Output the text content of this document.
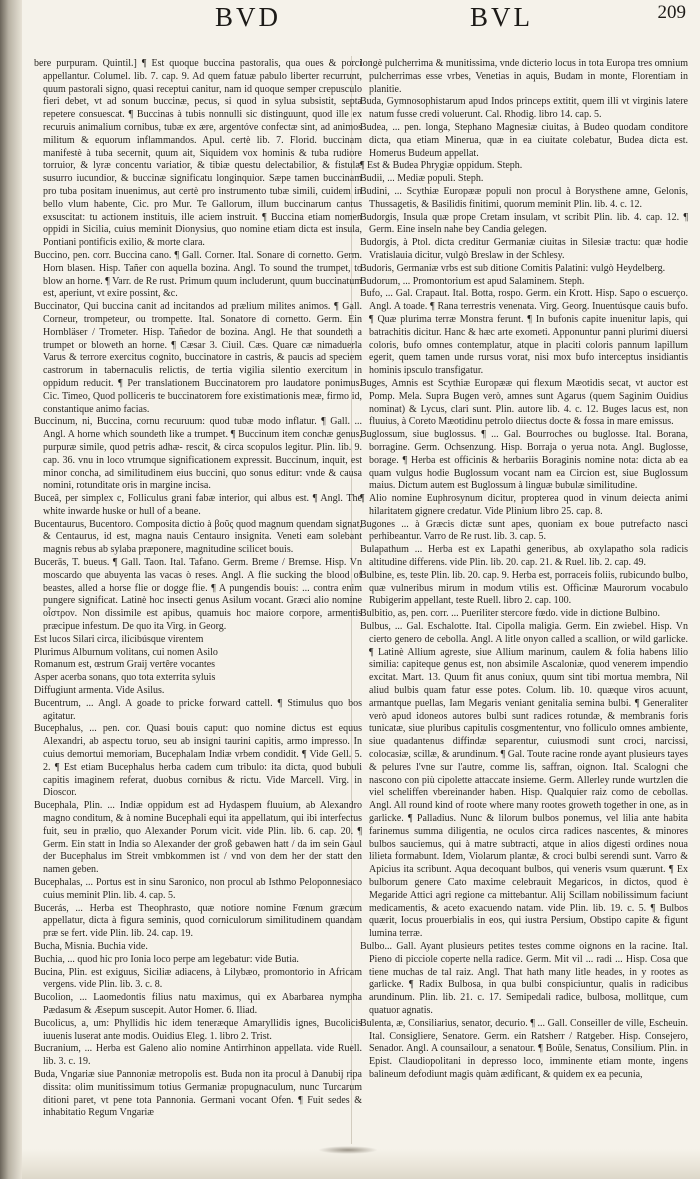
BVD	BVL	209

bere purpuram. Quintil.] ¶ Est quoque buccina pastoralis, qua oues & porci appellantur. Columel. lib. 7. cap. 9. Ad quem fatuæ pabulo liberter recurrunt, quum pastorali signo, quasi receptui canitur, nam id quoque semper crepusculo fieri debet, vt ad sonum buccinæ, pecus, si quod in sylua subsistit, septa repetere consuescat. ¶ Buccinas à tubis nonnulli sic distinguunt, quod ille ex recuruis animalium cornibus, tubæ ex ære, argentóve confectæ sint, ad animos militum & equorum inflammandos. Apul. certè lib. 7. Florid. buccinam manifestè à tuba secernit, quum ait, Siquidem vox hominis & tuba rudiore torruior, & lyræ concentu variatior, & tibiæ questu delectabilior, & fistulæ susurro iucundior, & buccinæ significatu longinquior. Sæpe tamen buccinam pro tuba positam inuenimus, aut certè pro instrumento tubæ simili, cuidem in bello vlum habente, Cic. pro Mur. Te Gallorum, illum buccinarum cantus exsuscitat: tu actionem instituis, ille aciem instruit. ¶ Buccina etiam nomen oppidi in Sicilia, cuius meminit Dionysius, quo nomine etiam dicta est insula, Pontiani pontificis exilio, & morte clara.

Buccino, pen. corr. Buccina cano. ¶ Gall. Corner. Ital. Sonare di cornetto. Germ. Horn blasen. Hisp. Tañer con aquella bozina. Angl. To sound the trumpet, to blow an horne. ¶ Varr. de Re rust. Primum quum includerunt, quum buccinatum est, aperiunt, vt exire possint, &c.

Buccinator, Qui buccina canit ad incitandos ad prælium milites animos. ¶ Gall. Corneur, trompeteur, ou trompette. Ital. Sonatore di cornetto. Germ. Ein Hornbläser / Trometer. Hisp. Tañedor de bozina. Angl. He that soundeth a trumpet or bloweth an horne. ¶ Cæsar 3. Ciuil. Cæs. Quare cæ nimaduerla Varus & terrore exercitus cognito, buccinatore in castris, & paucis ad speciem castrorum in tabernaculis relictis, de tertia vigilia silentio exercitum in oppidum reducit. ¶ Per translationem Buccinatorem pro laudatore ponimus. Cic. Timeo, Quod polliceris te buccinatorem fore existimationis meæ, firmo id, constantique animo facias.

Buccinum, ni, Buccina, cornu recuruum: quod tubæ modo inflatur. ¶ Gall. ... Angl. A horne which soundeth like a trumpet. ¶ Buccinum item conchæ genus, purpuræ simile, quod petris adhæ- rescit, & circa scopulos legitur. Plin. lib. 9. cap. 36. vnu in loco vtrumque significationem expressit. Buccinum, inquit, est minor concha, ad similitudinem eius buccini, quo sonus editur: vnde & causa nomini, rotunditate oris in margine incisa.

Buceâ, per simplex c, Folliculus grani fabæ interior, qui albus est. ¶ Angl. The white inwarde huske or hull of a beane.

Bucentaurus, Bucentoro. Composita dictio à βοῦς quod magnum quendam signat, & Centaurus, id est, magna nauis Centauro insignita. Veneti eam solebant magnis rebus ab sylaba præponere, magnitudine scilicet bouis.

Bucerās, T. bueus. ¶ Gall. Taon. Ital. Tafano. Germ. Breme / Bremse. Hisp. Vn moscardo que abuyenta las vacas ò reses. Angl. A flie sucking the blood of beastes, alled a horse flie or dogge flie. ¶ A pungendis bouis: ... contra enim pungere significat. Latinè hoc insecti genus Asilum vocant. Græci alio nomine οἶστρον. Non dissimile est apibus, quamuis hoc maiore corpore, armentis præcipue infestum. De quo ita Virg. in Georg.

Est lucos Silari circa, ilicibúsque virentem

Plurimus Alburnum volitans, cui nomen Asilo

Romanum est, œstrum Graij vertêre vocantes

Asper acerba sonans, quo tota exterrita syluis

Diffugiunt armenta. Vide Asilus.

Bucentrum, ... Angl. A goade to pricke forward cattell. ¶ Stimulus quo bos agitatur.

Bucephalus, ... pen. cor. Quasi bouis caput: quo nomine dictus est equus Alexandri, ab aspectu toruo, seu ab insigni taurini capitis, armo impresso. In cuius demortui memoriam, Bucephalam Indiæ vrbem condidit. ¶ Vide Gell. 5. 2. ¶ Est etiam Bucephalus herba cadem cum tribulo: ita dicta, quod bubuli capitis imaginem referat, duobus cornibus & rictu. Vide Marcell. Virg. in Dioscor.

Bucephala, Plin. ... Indiæ oppidum est ad Hydaspem fluuium, ab Alexandro magno conditum, & à nomine Bucephali equi ita appellatum, qui ibi interfectus fuit, seu in prælio, quo Alexander Porum vicit. vide Plin. lib. 6. cap. 20. ¶ Germ. Ein statt in India so Alexander der groß gebawen hatt / da im sein Gaul der Bucephalus im Streit vmbkommen ist / vnd von dem her der statt den namen geben.

Bucephalas, ... Portus est in sinu Saronico, non procul ab Isthmo Peloponnesiaco cuius meminit Plin. lib. 4. cap. 5.

Bucerás, ... Herba est Theophrasto, quæ notiore nomine Fœnum græcum appellatur, dicta à figura seminis, quod corniculorum similitudinem quandam præ se fert. vide Plin. lib. 24. cap. 19.

Bucha, Misnia. Buchia vide.

Buchia, ... quod hic pro Ionia loco perpe am legebatur: vide Butia.

Bucina, Plin. est exiguus, Siciliæ adiacens, à Lilybæo, promontorio in Africam vergens. vide Plin. lib. 3. c. 8.

Bucolion, ... Laomedontis filius natu maximus, qui ex Abarbarea nympha Pædasum & Æsepum suscepit. Autor Homer. 6. Iliad.

Bucolicus, a, um: Phyllidis hic idem teneræque Amaryllidis ignes, Bucolicis iuuenis luserat ante modis. Ouidius Eleg. 1. libro 2. Trist.

Bucranium, ... Herba est Galeno alio nomine Antirrhinon appellata. vide Ruell. lib. 3. c. 19.

Buda, Vngariæ siue Pannoniæ metropolis est. Buda non ita procul à Danubij ripa dissita: olim munitissimum totius Germaniæ propugnaculum, nunc Turcarum ditioni paret, vt pene tota Pannonia. Germani vocant Ofen. ¶ Fuit sedes & inhabitatio Regum Vngariæ

longè pulcherrima & munitissima, vnde dicterio locus in tota Europa tres omnium pulcherrimas esse vrbes, Venetias in aquis, Budam in monte, Florentiam in planitie.

Buda, Gymnosophistarum apud Indos princeps extitit, quem illi vt virginis latere natum fusse credi voluerunt. Cal. Rhodig. libro 14. cap. 5.

Budea, ... pen. longa, Stephano Magnesiæ ciuitas, à Budeo quodam conditore dicta, qua etiam Minerua, quæ in ea ciuitate colebatur, Budea dicta est. Homerus Budeum appellat.

¶ Est & Budea Phrygiæ oppidum. Steph.

Budii, ... Mediæ populi. Steph.

Budini, ... Scythiæ Europææ populi non procul à Borysthene amne, Gelonis, Thussagetis, & Basilidis finitimi, quorum meminit Plin. lib. 4. c. 12.

Budorgis, Insula quæ prope Cretam insulam, vt scribit Plin. lib. 4. cap. 12. ¶ Germ. Eine inseln nahe bey Candia gelegen.

Budorgis, à Ptol. dicta creditur Germaniæ ciuitas in Silesiæ tractu: quæ hodie Vratislauia dicitur, vulgò Breslaw in der Schlesy.

Budoris, Germaniæ vrbs est sub ditione Comitis Palatini: vulgò Heydelberg.

Budorum, ... Promontorium est apud Salaminem. Steph.

Bufo, ... Gal. Crapaut. Ital. Botta, rospo. Germ. ein Krott. Hisp. Sapo o escuerço. Angl. A toade. ¶ Rana terrestris venenata. Virg. Georg. Inuentúsque cauis bufo. ¶ Quæ plurima terræ Monstra ferunt. ¶ In bufonis capite inuenitur lapis, qui batrachitis dicitur. Hanc & hæc arte exometi. Apponuntur panni plurimi diuersi coloris, bufo omnes contemplatur, atque in placiti coloris pannum lapillum egerit, quem tamen unde rursus vorat, nisi mox bufo interceptus insidiantis hominis ipsculo transfigatur.

Buges, Amnis est Scythiæ Europææ qui flexum Mæotidis secat, vt auctor est Pomp. Mela. Supra Bugen verò, amnes sunt Agarus (quem Saginim Ouidius nominat) & Lycus, clari sunt. Plin. autore lib. 4. c. 12. Buges lacus est, non fluuius, à Coreto Mæotidinu petrolo diiectus docte & fossa in mare emissus.

Buglossum, siue buglossus. ¶ ... Gal. Bourroches ou buglosse. Ital. Borana, borragine. Germ. Ochsenzung. Hisp. Borraja o yerua nota. Angl. Buglosse, borage. ¶ Herba est officinis & herbariis Boraginis nomine nota: dicta ab ea quam vulgus hodie Buglossum vocant nam ea Circion est, siue Buglossum maius. Dictum autem est Buglossum à linguæ bubulæ similitudine.

¶ Alio nomine Euphrosynum dicitur, propterea quod in vinum deiecta animi hilaritatem gignere credatur. Vide Plinium libro 25. cap. 8.

Bugones ... à Græcis dictæ sunt apes, quoniam ex boue putrefacto nasci perhibeantur. Varro de Re rust. lib. 3. cap. 5.

Bulapathum ... Herba est ex Lapathi generibus, ab oxylapatho sola radicis altitudine differens. vide Plin. lib. 20. cap. 21. & Ruel. lib. 2. cap. 49.

Bulbine, es, teste Plin. lib. 20. cap. 9. Herba est, porraceis foliis, rubicundo bulbo, quæ vulneribus mirum in modum vtilis est. Officinæ Maurorum vocabulo Rubigerim appellant, teste Ruell. libro 2. cap. 100.

Bulbitio, as, pen. corr. ... Pueriliter stercore fœdo. vide in dictione Bulbino.

Bulbus, ... Gal. Eschalotte. Ital. Cipolla maligia. Germ. Ein zwiebel. Hisp. Vn cierto genero de cebolla. Angl. A litle onyon called a scallion, or wild garlicke. ¶ Latinè Allium agreste, siue Allium marinum, caulem & folia habens lilio similia: capiteque genus est, non absimile Ascaloniæ, quod venerem impendio excitat. Mart. 13. Quum fit anus coniux, quum sint tibi mortua membra, Nil aliud bulbis quam fatur esse potes. Colum. lib. 10. quæque viros acuunt, armantque puellas, Iam Megaris veniant genitalia semina bulbi. ¶ Generaliter verò apud idoneos autores bulbi sunt radices rotundæ, & membranis foris tunicatæ, siue pluribus capitulis cosgmententur, vno folliculo omnes ambiente, siue quadantenus diffindæ separentur, cuiusmodi sunt croci, narcissi, colocasiæ, scillæ, & arundinum. ¶ Gal. Toute racine ronde ayant plusieurs tayes & pelures l'vne sur l'autre, comme lis, saffran, oignon. Ital. Scalogni che nascono con più cipolette attaccate insieme. Germ. Allerley runde wurtzlen die viel scheliffen vbereinander haben. Hisp. Qualquier raiz como de cebollas. Angl. All round kind of roote where many rootes groweth together in one, as in garlicke. ¶ Palladius. Nunc & lilorum bulbos ponemus, vel lilia ante habita farinemus summa diligentia, ne oculos circa radices nascentes, & minores bulbos sauciemus, qui à matre subtracti, atque in alios digesti ordines noua lilieta formabunt. Idem, Violarum plantæ, & croci bulbi serendi sunt. Varro & Apicius ita scribunt. Aqua decoquant bulbos, qui veneris vsum quærunt. ¶ Ex bulborum genere Cato maxime celebrauit Megaricos, in dictos, quod è Megaride Attici agri regione ca mittebantur. Alij Scillam nobilissimum faciunt medicamentis, & aceto exacuendo natam. vide Plin. lib. 19. c. 5. ¶ Bulbos quærit, Iocus prouerbialis in eos, qui iustra Persium, Obstipo capite & figunt lumina terræ.

Bulbo... Gall. Ayant plusieurs petites testes comme oignons en la racine. Ital. Pieno di picciole coperte nella radice. Germ. Mit vil ... radi ... Hisp. Cosa que tiene muchas de tal raiz. Angl. That hath many litle heades, in y rootes as garlicke. ¶ Radix Bulbosa, in qua bulbi conspiciuntur, qualis in radicibus arundinum. Plin. lib. 21. c. 17. Semipedali radice, bulbosa, mollitque, cum quatuor agnatis.

Bulenta, æ, Consiliarius, senator, decurio. ¶ ... Gall. Conseiller de ville, Escheuin. Ital. Consigliere, Senatore. Germ. ein Ratsherr / Ratgeber. Hisp. Consejero, Senador. Angl. A counsailour, a senatour. ¶ Boûle, Senatus, Consilium. Plin. in Epist. Claudiopolitani in depresso loco, imminente etiam monte, ingens balineum defodiunt magis quàm ædificant, & quidem ex ea pecunia,
